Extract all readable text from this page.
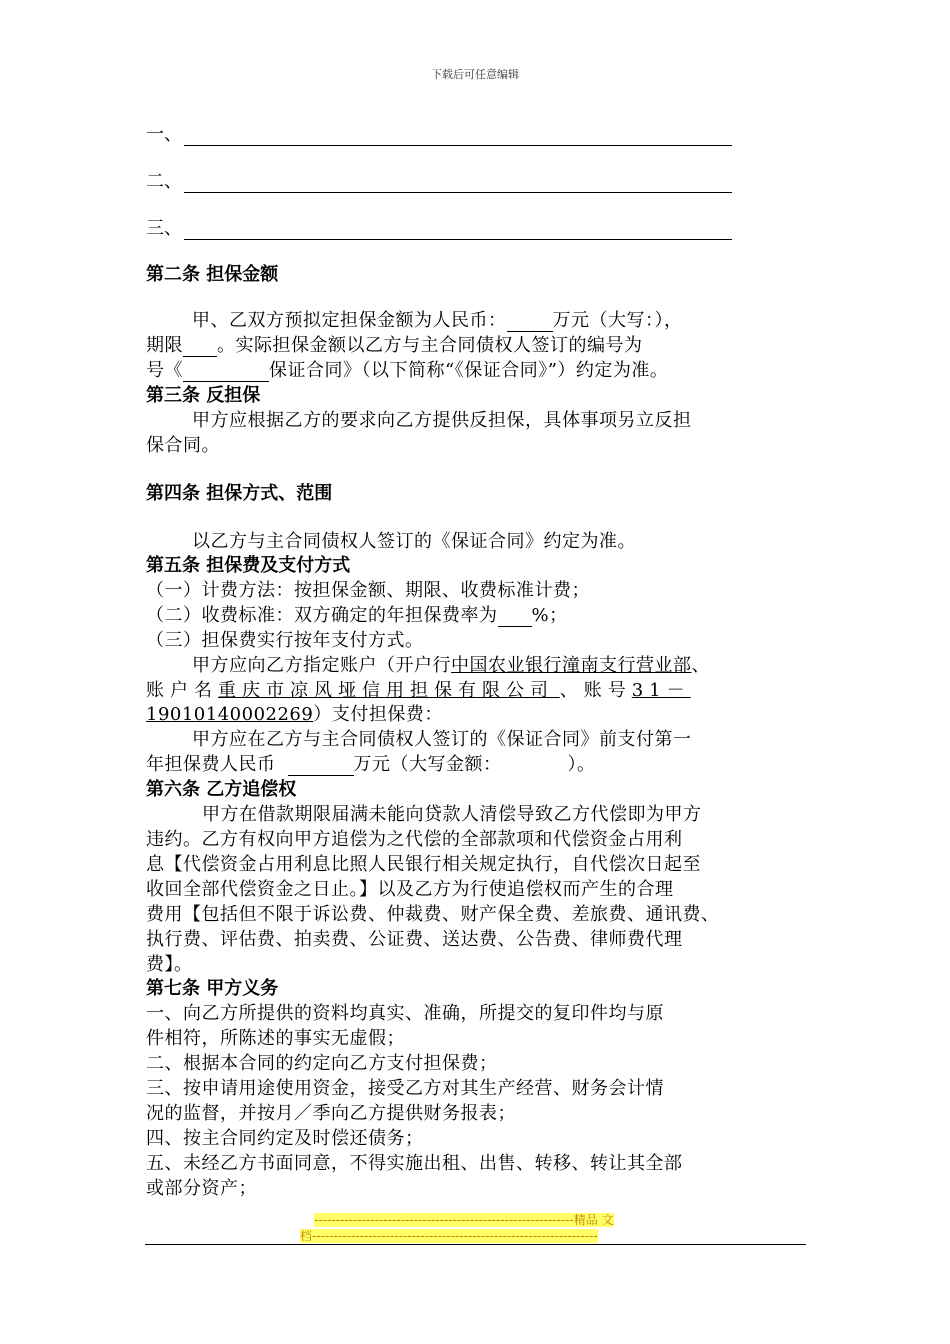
下载后可任意编辑
一、
二、
三、
第二条 担保金额
甲、乙双方预拟定担保金额为人民币：	万元（大写：），
期限 。实际担保金额以乙方与主合同债权人签订的编号为
号《	保证合同》（以下简称“《保证合同》”）约定为准。
第三条 反担保
甲方应根据乙方的要求向乙方提供反担保，具体事项另立反担
保合同。
第四条 担保方式、范围
以乙方与主合同债权人签订的《保证合同》约定为准。
第五条 担保费及支付方式
（一）计费方法：按担保金额、期限、收费标准计费；
（二）收费标准：双方确定的年担保费率为 %；
（三）担保费实行按年支付方式。
甲方应向乙方指定账户（开户行中国农业银行潼南支行营业部、
账户名重庆市凉风垭信用担保有限公司 、账号31－
19010140002269）支付担保费：
甲方应在乙方与主合同债权人签订的《保证合同》前支付第一
年担保费人民币	万元（大写金额：	）。
第六条 乙方追偿权
甲方在借款期限届满未能向贷款人清偿导致乙方代偿即为甲方
违约。乙方有权向甲方追偿为之代偿的全部款项和代偿资金占用利
息【代偿资金占用利息比照人民银行相关规定执行，自代偿次日起至
收回全部代偿资金之日止。】以及乙方为行使追偿权而产生的合理
费用【包括但不限于诉讼费、仲裁费、财产保全费、差旅费、通讯费、
执行费、评估费、拍卖费、公证费、送达费、公告费、律师费代理
费】。
第七条 甲方义务
一、向乙方所提供的资料均真实、准确，所提交的复印件均与原
件相符，所陈述的事实无虚假；
二、根据本合同的约定向乙方支付担保费；
三、按申请用途使用资金，接受乙方对其生产经营、财务会计情
况的监督，并按月／季向乙方提供财务报表；
四、按主合同约定及时偿还债务；
五、未经乙方书面同意，不得实施出租、出售、转移、转让其全部
或部分资产；
------------------------------------------------------------精品 文
档------------------------------------------------------------------
